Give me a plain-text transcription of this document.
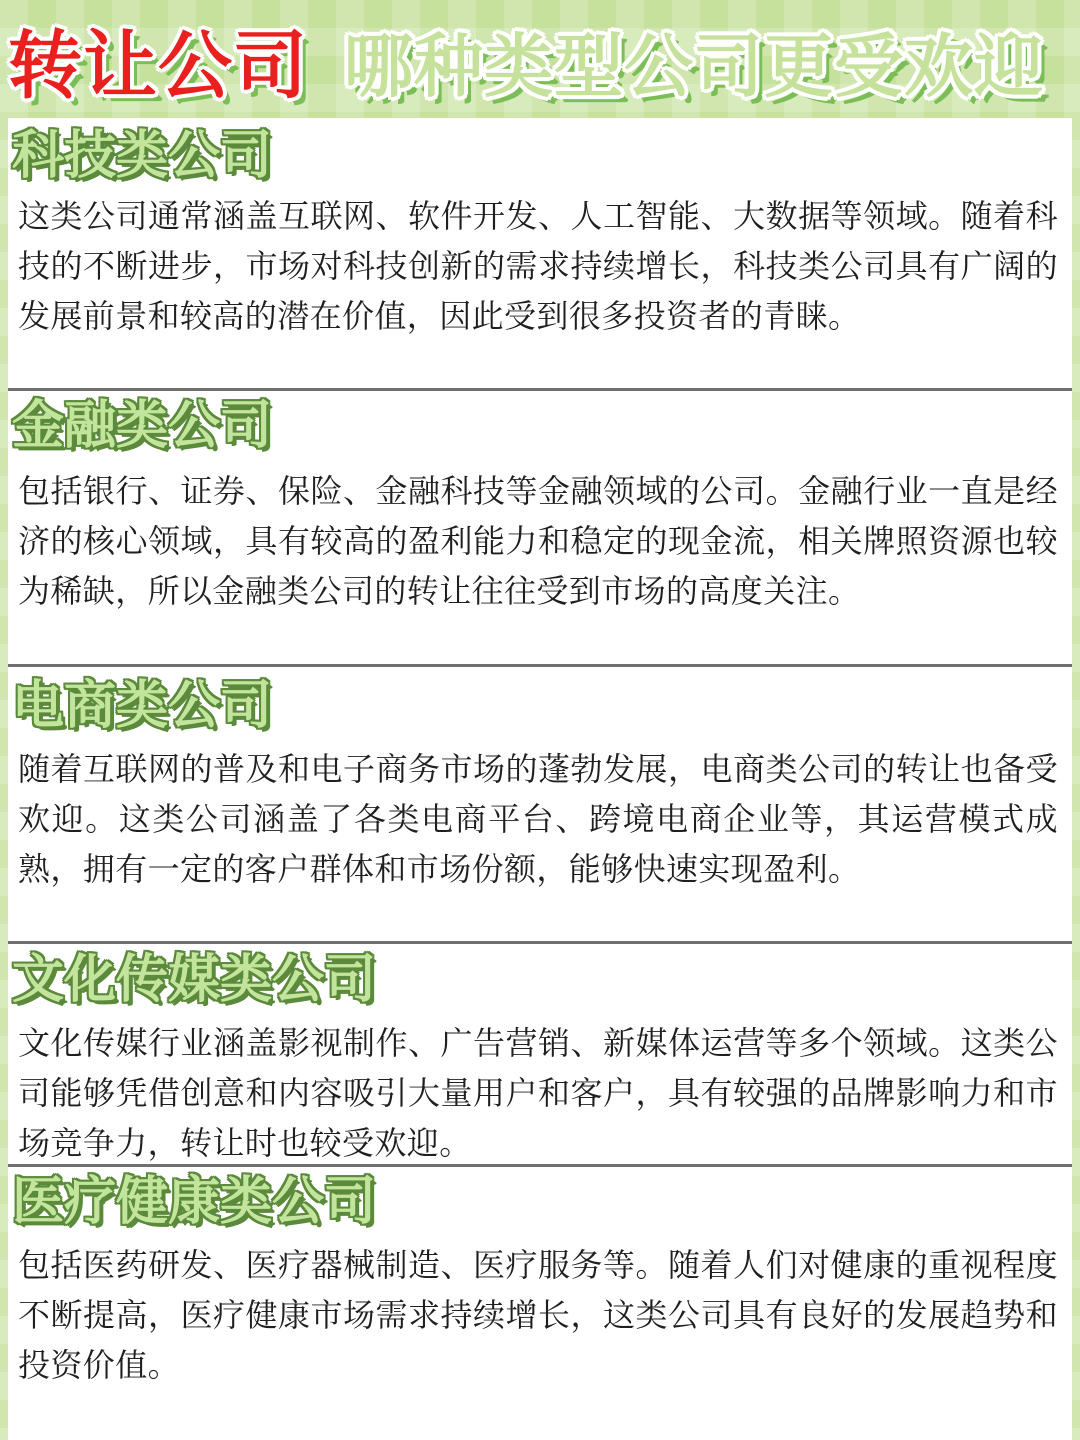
转让公司 哪种类型公司更受欢迎
科技类公司
这类公司通常涵盖互联网、软件开发、人工智能、大数据等领域。随着科技的不断进步，市场对科技创新的需求持续增长，科技类公司具有广阔的发展前景和较高的潜在价值，因此受到很多投资者的青睐。
金融类公司
包括银行、证券、保险、金融科技等金融领域的公司。金融行业一直是经济的核心领域，具有较高的盈利能力和稳定的现金流，相关牌照资源也较为稀缺，所以金融类公司的转让往往受到市场的高度关注。
电商类公司
随着互联网的普及和电子商务市场的蓬勃发展，电商类公司的转让也备受欢迎。这类公司涵盖了各类电商平台、跨境电商企业等，其运营模式成熟，拥有一定的客户群体和市场份额，能够快速实现盈利。
文化传媒类公司
文化传媒行业涵盖影视制作、广告营销、新媒体运营等多个领域。这类公司能够凭借创意和内容吸引大量用户和客户，具有较强的品牌影响力和市场竞争力，转让时也较受欢迎。
医疗健康类公司
包括医药研发、医疗器械制造、医疗服务等。随着人们对健康的重视程度不断提高，医疗健康市场需求持续增长，这类公司具有良好的发展趋势和投资价值。
